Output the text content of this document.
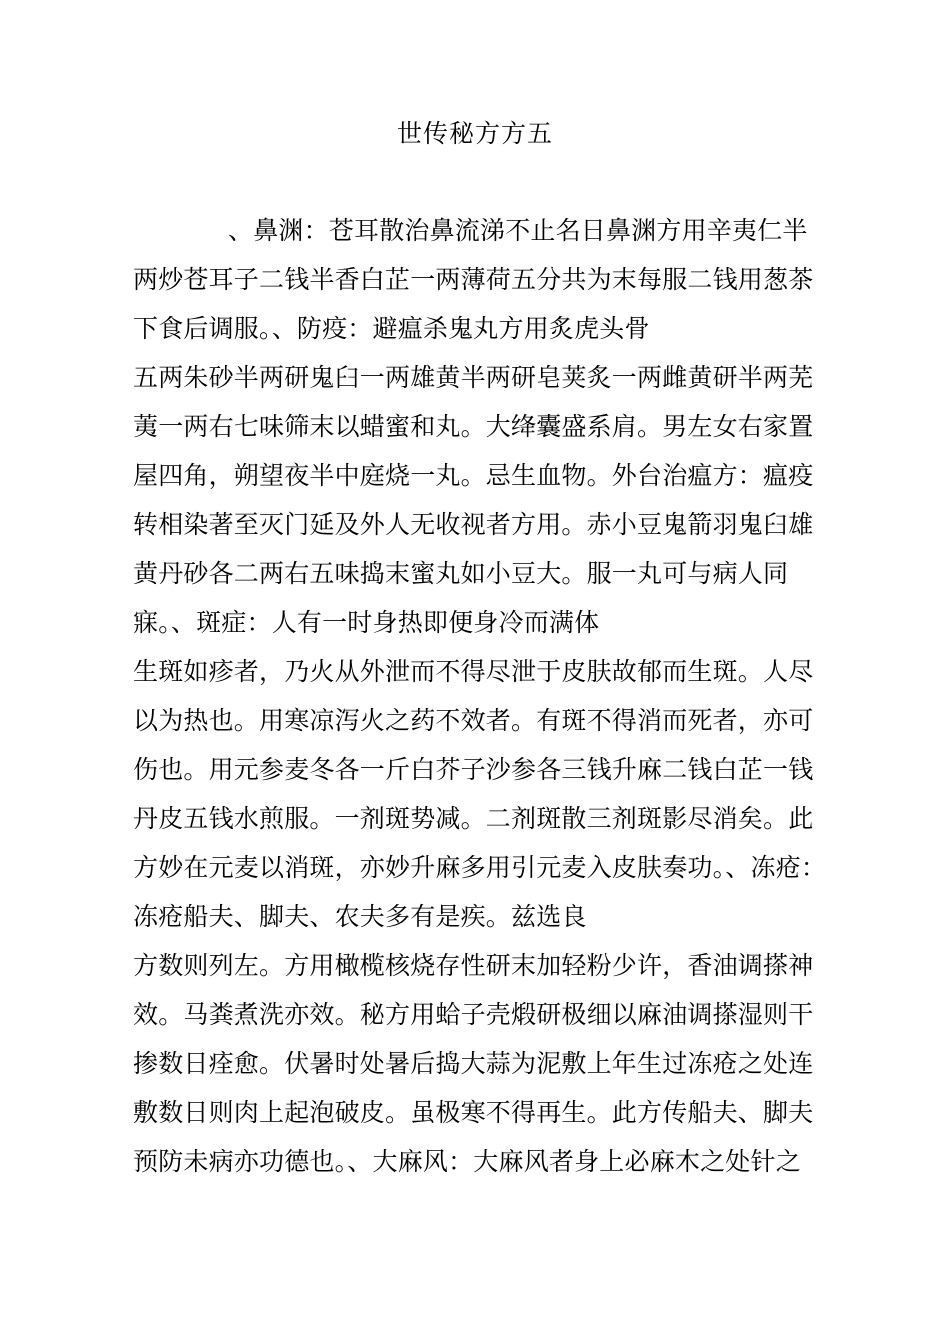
世传秘方方五
、鼻渊：苍耳散治鼻流涕不止名日鼻渊方用辛夷仁半
两炒苍耳子二钱半香白芷一两薄荷五分共为末每服二钱用葱茶
下食后调服。、防疫：避瘟杀鬼丸方用炙虎头骨
五两朱砂半两研鬼臼一两雄黄半两研皂荚炙一两雌黄研半两芜
荑一两右七味筛末以蜡蜜和丸。大绛囊盛系肩。男左女右家置
屋四角，朔望夜半中庭烧一丸。忌生血物。外台治瘟方：瘟疫
转相染著至灭门延及外人无收视者方用。赤小豆鬼箭羽鬼臼雄
黄丹砂各二两右五味捣末蜜丸如小豆大。服一丸可与病人同
寐。、斑症：人有一时身热即便身冷而满体
生斑如疹者，乃火从外泄而不得尽泄于皮肤故郁而生斑。人尽
以为热也。用寒凉泻火之药不效者。有斑不得消而死者，亦可
伤也。用元参麦冬各一斤白芥子沙参各三钱升麻二钱白芷一钱
丹皮五钱水煎服。一剂斑势减。二剂斑散三剂斑影尽消矣。此
方妙在元麦以消斑，亦妙升麻多用引元麦入皮肤奏功。、冻疮：
冻疮船夫、脚夫、农夫多有是疾。兹选良
方数则列左。方用橄榄核烧存性研末加轻粉少许，香油调搽神
效。马粪煮洗亦效。秘方用蛤子壳煅研极细以麻油调搽湿则干
掺数日痊愈。伏暑时处暑后捣大蒜为泥敷上年生过冻疮之处连
敷数日则肉上起泡破皮。虽极寒不得再生。此方传船夫、脚夫
预防未病亦功德也。、大麻风：大麻风者身上必麻木之处针之
